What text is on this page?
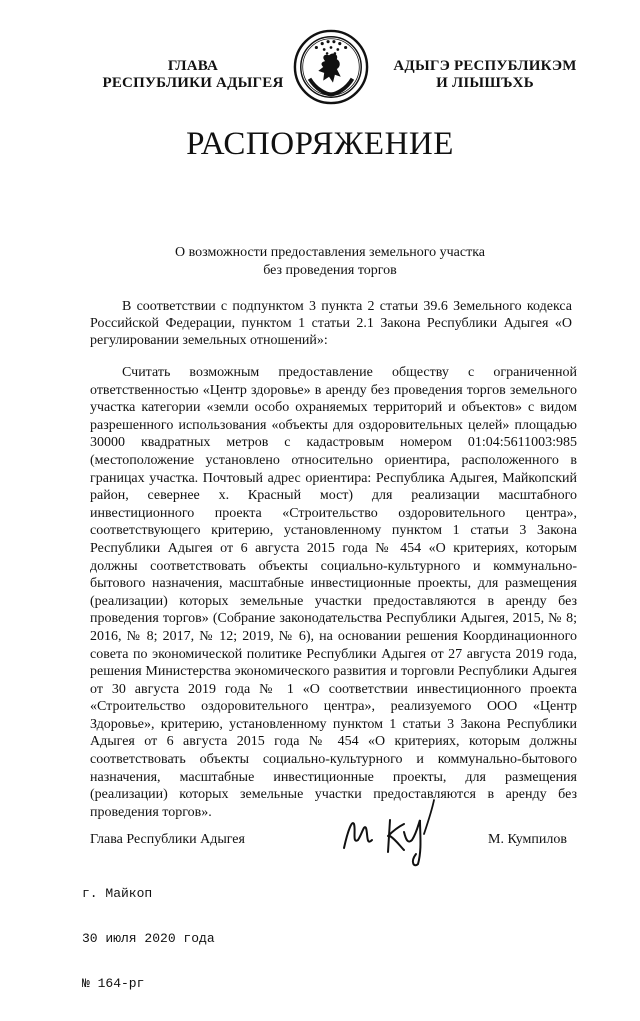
ГЛАВА
РЕСПУБЛИКИ АДЫГЕЯ
АДЫГЭ РЕСПУБЛИКЭМ
И ЛІЫШЪХЬ
РАСПОРЯЖЕНИЕ
О возможности предоставления земельного участка
без проведения торгов
В соответствии с подпунктом 3 пункта 2 статьи 39.6 Земельного кодекса Российской Федерации, пунктом 1 статьи 2.1 Закона Республики Адыгея «О регулировании земельных отношений»:
Считать возможным предоставление обществу с ограниченной ответственностью «Центр здоровье» в аренду без проведения торгов земельного участка категории «земли особо охраняемых территорий и объектов» с видом разрешенного использования «объекты для оздоровительных целей» площадью 30000 квадратных метров с кадастровым номером 01:04:5611003:985 (местоположение установлено относительно ориентира, расположенного в границах участка. Почтовый адрес ориентира: Республика Адыгея, Майкопский район, севернее х. Красный мост) для реализации масштабного инвестиционного проекта «Строительство оздоровительного центра», соответствующего критерию, установленному пунктом 1 статьи 3 Закона Республики Адыгея от 6 августа 2015 года № 454 «О критериях, которым должны соответствовать объекты социально-культурного и коммунально-бытового назначения, масштабные инвестиционные проекты, для размещения (реализации) которых земельные участки предоставляются в аренду без проведения торгов» (Собрание законодательства Республики Адыгея, 2015, № 8; 2016, № 8; 2017, № 12; 2019, № 6), на основании решения Координационного совета по экономической политике Республики Адыгея от 27 августа 2019 года, решения Министерства экономического развития и торговли Республики Адыгея от 30 августа 2019 года № 1 «О соответствии инвестиционного проекта «Строительство оздоровительного центра», реализуемого ООО «Центр Здоровье», критерию, установленному пунктом 1 статьи 3 Закона Республики Адыгея от 6 августа 2015 года № 454 «О критериях, которым должны соответствовать объекты социально-культурного и коммунально-бытового назначения, масштабные инвестиционные проекты, для размещения (реализации) которых земельные участки предоставляются в аренду без проведения торгов».
Глава Республики Адыгея	М. Кумпилов

г. Майкоп

30 июля 2020 года

№ 164-рг
